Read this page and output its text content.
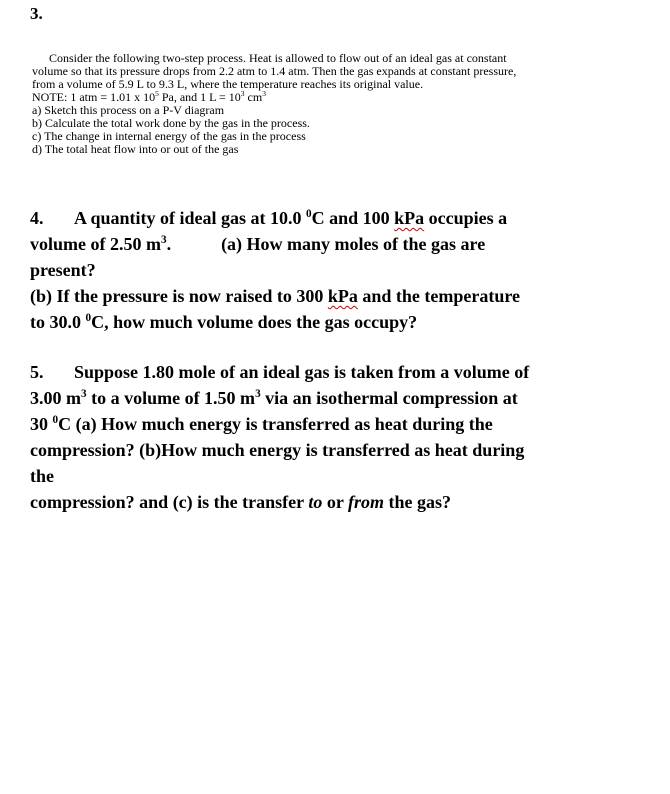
3.
Consider the following two-step process. Heat is allowed to flow out of an ideal gas at constant
volume so that its pressure drops from 2.2 atm to 1.4 atm. Then the gas expands at constant pressure,
from a volume of 5.9 L to 9.3 L, where the temperature reaches its original value.
NOTE: 1 atm = 1.01 x $10^5$ Pa, and 1 $L = 10^3$ $cm^3$
a) Sketch this process on a P-V diagram
b) Calculate the total work done by the gas in the process.
c) The change in internal energy of the gas in the process
d) The total heat flow into or out of the gas
4. A quantity of ideal gas at 10.0 $^0$C and 100 kPa occupies a
volume of 2.50 $m^3$.	(a) How many moles of the gas are
present?
(b) If the pressure is now raised to 300 kPa and the temperature
to 30.0 $^0$C, how much volume does the gas occupy?
5. Suppose 1.80 mole of an ideal gas is taken from a volume of
3.00 $m^3$ to a volume of 1.50 $m^3$ via an isothermal compression at
30 $^0$C (a) How much energy is transferred as heat during the
compression? (b)How much energy is transferred as heat during
the
compression? and (c) is the transfer to or from the gas?
